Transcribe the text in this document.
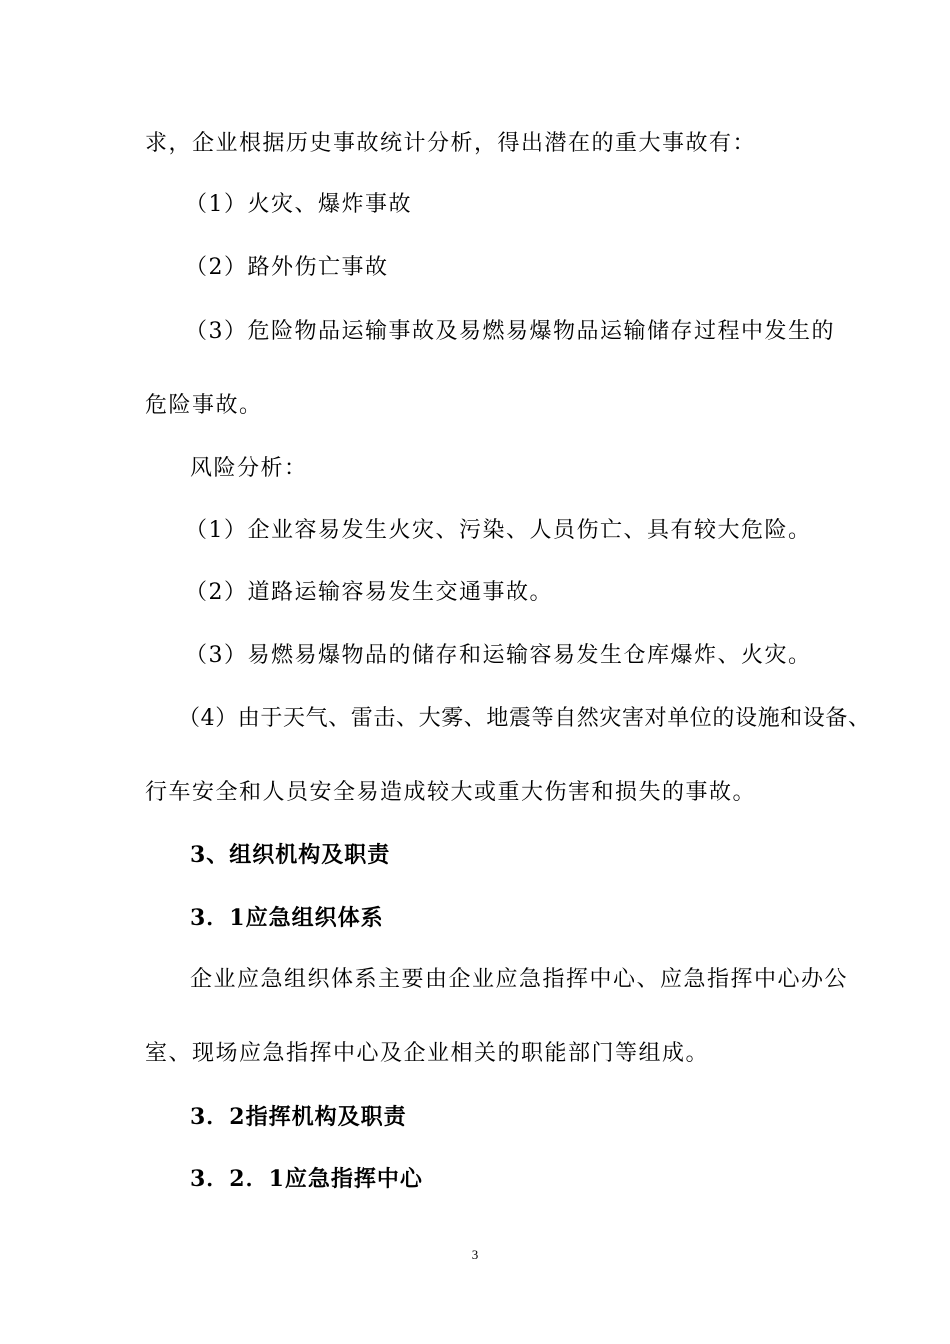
求，企业根据历史事故统计分析，得出潜在的重大事故有：
（1）火灾、爆炸事故
（2）路外伤亡事故
（3）危险物品运输事故及易燃易爆物品运输储存过程中发生的
危险事故。
风险分析：
（1）企业容易发生火灾、污染、人员伤亡、具有较大危险。
（2）道路运输容易发生交通事故。
（3）易燃易爆物品的储存和运输容易发生仓库爆炸、火灾。
（4）由于天气、雷击、大雾、地震等自然灾害对单位的设施和设备、
行车安全和人员安全易造成较大或重大伤害和损失的事故。
3、组织机构及职责
3．1应急组织体系
企业应急组织体系主要由企业应急指挥中心、应急指挥中心办公
室、现场应急指挥中心及企业相关的职能部门等组成。
3．2指挥机构及职责
3．2．1应急指挥中心
3
